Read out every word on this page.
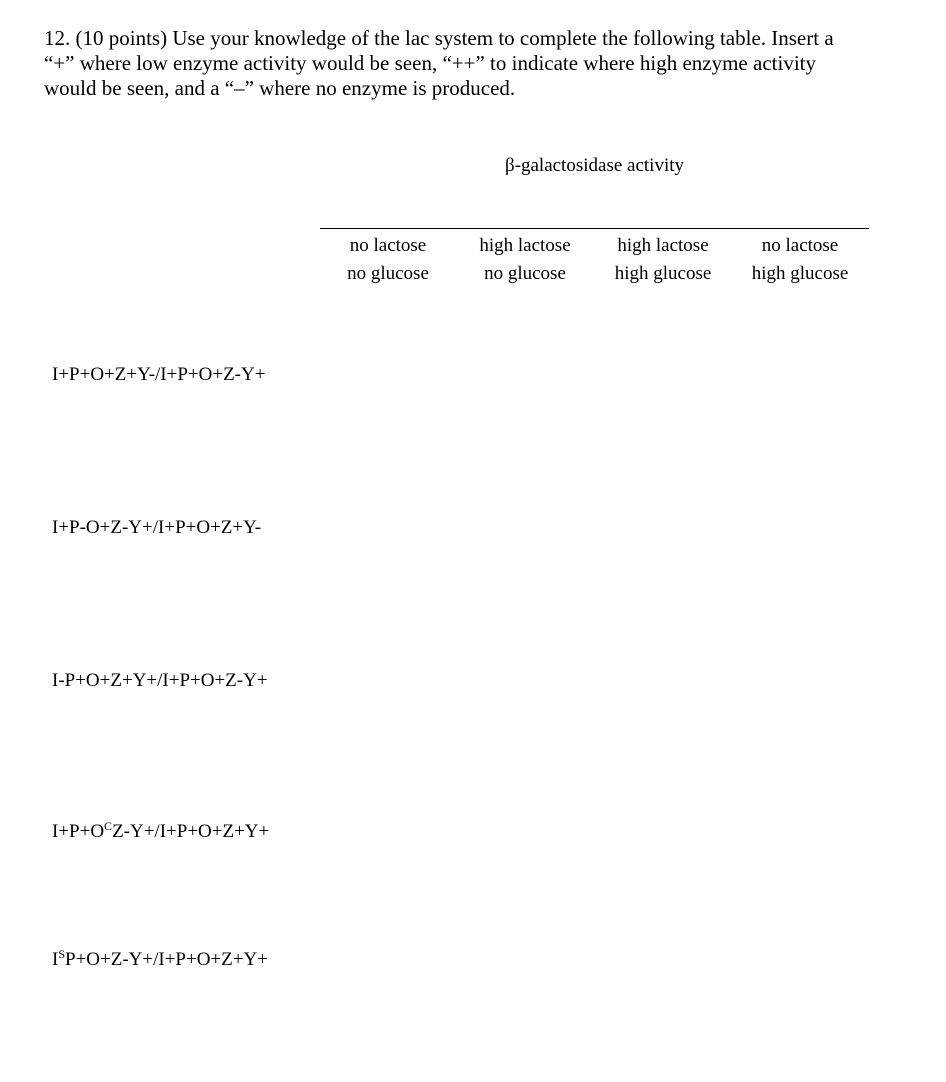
12. (10 points) Use your knowledge of the lac system to complete the following table. Insert a
“+” where low enzyme activity would be seen, “++” to indicate where high enzyme activity
would be seen, and a “–” where no enzyme is produced.
β-galactosidase activity
no lactose
no glucose
high lactose
no glucose
high lactose
high glucose
no lactose
high glucose
I+P+O+Z+Y-/I+P+O+Z-Y+
I+P-O+Z-Y+/I+P+O+Z+Y-
I-P+O+Z+Y+/I+P+O+Z-Y+
$I+P+O^CZ-Y+/I+P+O+Z+Y+$
$I^SP+O+Z-Y+/I+P+O+Z+Y+$
